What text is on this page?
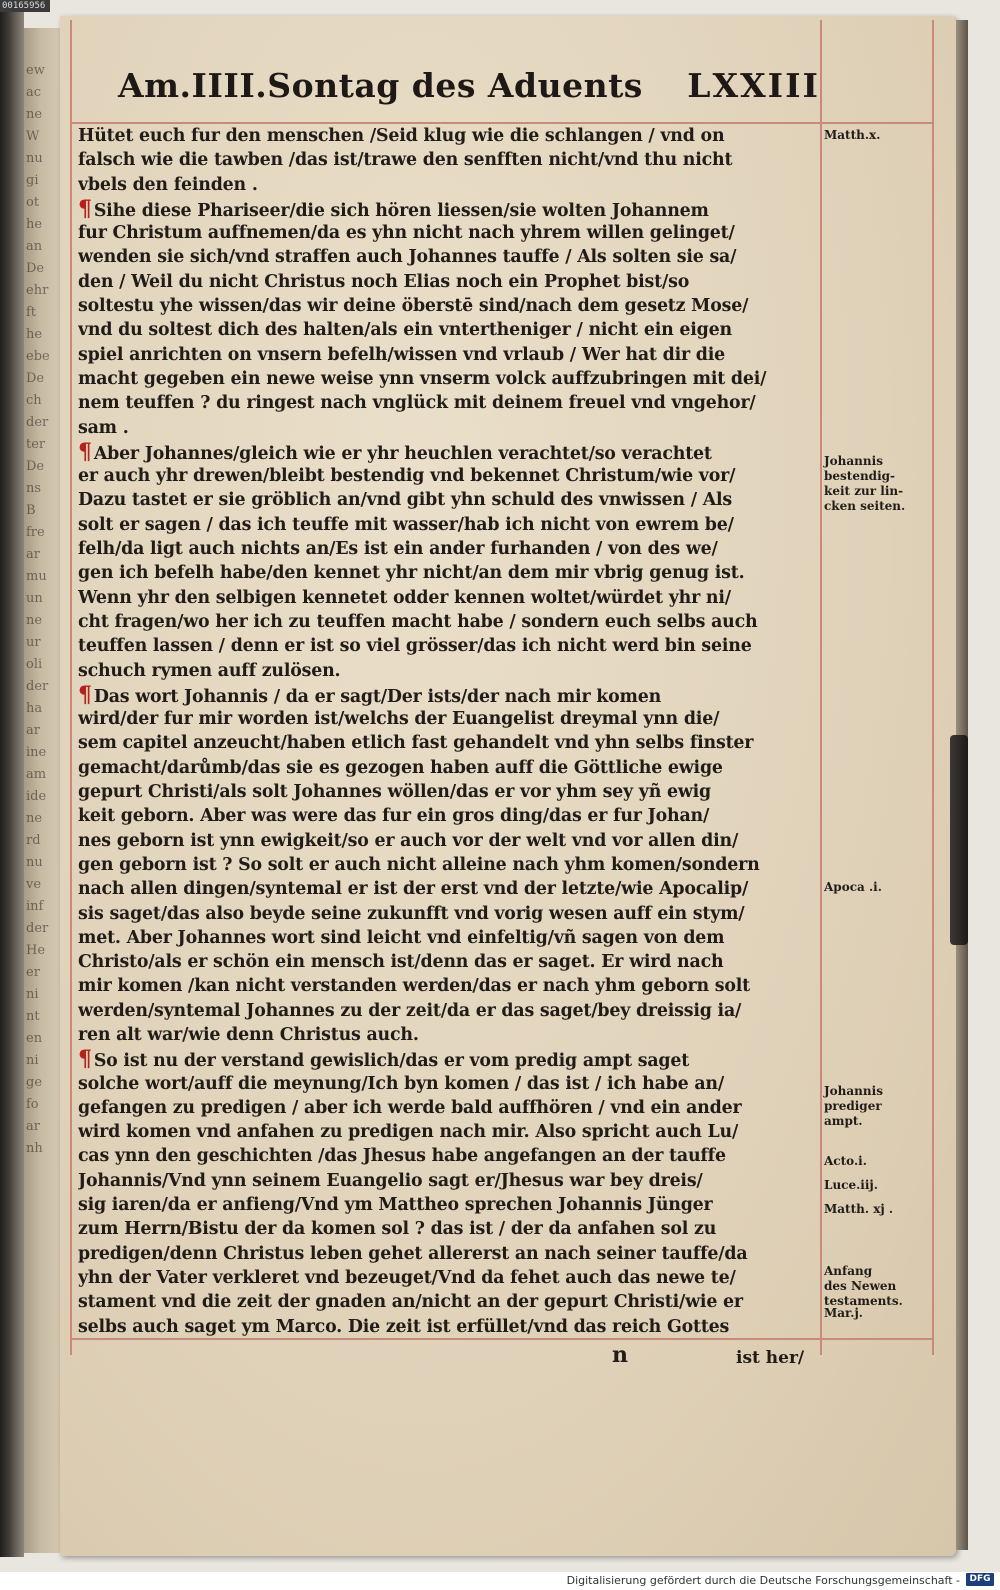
00165956
ew
ac
ne
W
nu
gi
ot
he
an
De
ehr
ft
he
ebe
De
ch
der
ter
De
ns
B
fre
ar
mu
un
ne
ur
oli
der
ha
ar
ine
am
ide
ne
rd
nu
ve
inf
der
He
er
ni
nt
en
ni
ge
fo
ar
nh
Am.IIII.Sontag des Aduents LXXIII
Hütet euch fur den menschen /Seid klug wie die schlangen / vnd on
falsch wie die tawben /das ist/trawe den senfften nicht/vnd thu nicht
vbels den feinden .
¶ Sihe diese Phariseer/die sich hören liessen/sie wolten Johannem
fur Christum auffnemen/da es yhn nicht nach yhrem willen gelinget/
wenden sie sich/vnd straffen auch Johannes tauffe / Als solten sie sa/
den / Weil du nicht Christus noch Elias noch ein Prophet bist/so
soltestu yhe wissen/das wir deine öberstē sind/nach dem gesetz Mose/
vnd du soltest dich des halten/als ein vntertheniger / nicht ein eigen
spiel anrichten on vnsern befelh/wissen vnd vrlaub / Wer hat dir die
macht gegeben ein newe weise ynn vnserm volck auffzubringen mit dei/
nem teuffen ? du ringest nach vnglück mit deinem freuel vnd vngehor/
sam .
¶ Aber Johannes/gleich wie er yhr heuchlen verachtet/so verachtet
er auch yhr drewen/bleibt bestendig vnd bekennet Christum/wie vor/
Dazu tastet er sie gröblich an/vnd gibt yhn schuld des vnwissen / Als
solt er sagen / das ich teuffe mit wasser/hab ich nicht von ewrem be/
felh/da ligt auch nichts an/Es ist ein ander furhanden / von des we/
gen ich befelh habe/den kennet yhr nicht/an dem mir vbrig genug ist.
Wenn yhr den selbigen kennetet odder kennen woltet/würdet yhr ni/
cht fragen/wo her ich zu teuffen macht habe / sondern euch selbs auch
teuffen lassen / denn er ist so viel grösser/das ich nicht werd bin seine
schuch rymen auff zulösen.
¶ Das wort Johannis / da er sagt/Der ists/der nach mir komen
wird/der fur mir worden ist/welchs der Euangelist dreymal ynn die/
sem capitel anzeucht/haben etlich fast gehandelt vnd yhn selbs finster
gemacht/darůmb/das sie es gezogen haben auff die Göttliche ewige
gepurt Christi/als solt Johannes wöllen/das er vor yhm sey yñ ewig
keit geborn. Aber was were das fur ein gros ding/das er fur Johan/
nes geborn ist ynn ewigkeit/so er auch vor der welt vnd vor allen din/
gen geborn ist ? So solt er auch nicht alleine nach yhm komen/sondern
nach allen dingen/syntemal er ist der erst vnd der letzte/wie Apocalip/
sis saget/das also beyde seine zukunfft vnd vorig wesen auff ein stym/
met. Aber Johannes wort sind leicht vnd einfeltig/vñ sagen von dem
Christo/als er schön ein mensch ist/denn das er saget. Er wird nach
mir komen /kan nicht verstanden werden/das er nach yhm geborn solt
werden/syntemal Johannes zu der zeit/da er das saget/bey dreissig ia/
ren alt war/wie denn Christus auch.
¶ So ist nu der verstand gewislich/das er vom predig ampt saget
solche wort/auff die meynung/Ich byn komen / das ist / ich habe an/
gefangen zu predigen / aber ich werde bald auffhören / vnd ein ander
wird komen vnd anfahen zu predigen nach mir. Also spricht auch Lu/
cas ynn den geschichten /das Jhesus habe angefangen an der tauffe
Johannis/Vnd ynn seinem Euangelio sagt er/Jhesus war bey dreis/
sig iaren/da er anfieng/Vnd ym Mattheo sprechen Johannis Jünger
zum Herrn/Bistu der da komen sol ? das ist / der da anfahen sol zu
predigen/denn Christus leben gehet allererst an nach seiner tauffe/da
yhn der Vater verkleret vnd bezeuget/Vnd da fehet auch das newe te/
stament vnd die zeit der gnaden an/nicht an der gepurt Christi/wie er
selbs auch saget ym Marco. Die zeit ist erfüllet/vnd das reich Gottes
Matth.x.
Johannis
bestendig-
keit zur lin-
cken seiten.
Apoca .i.
Johannis
prediger
ampt.
Acto.i.
Luce.iij.
Matth. xj .
Anfang
des Newen
testaments.
Mar.j.
n	ist her/
Digitalisierung gefördert durch die Deutsche Forschungsgemeinschaft -	DFG
